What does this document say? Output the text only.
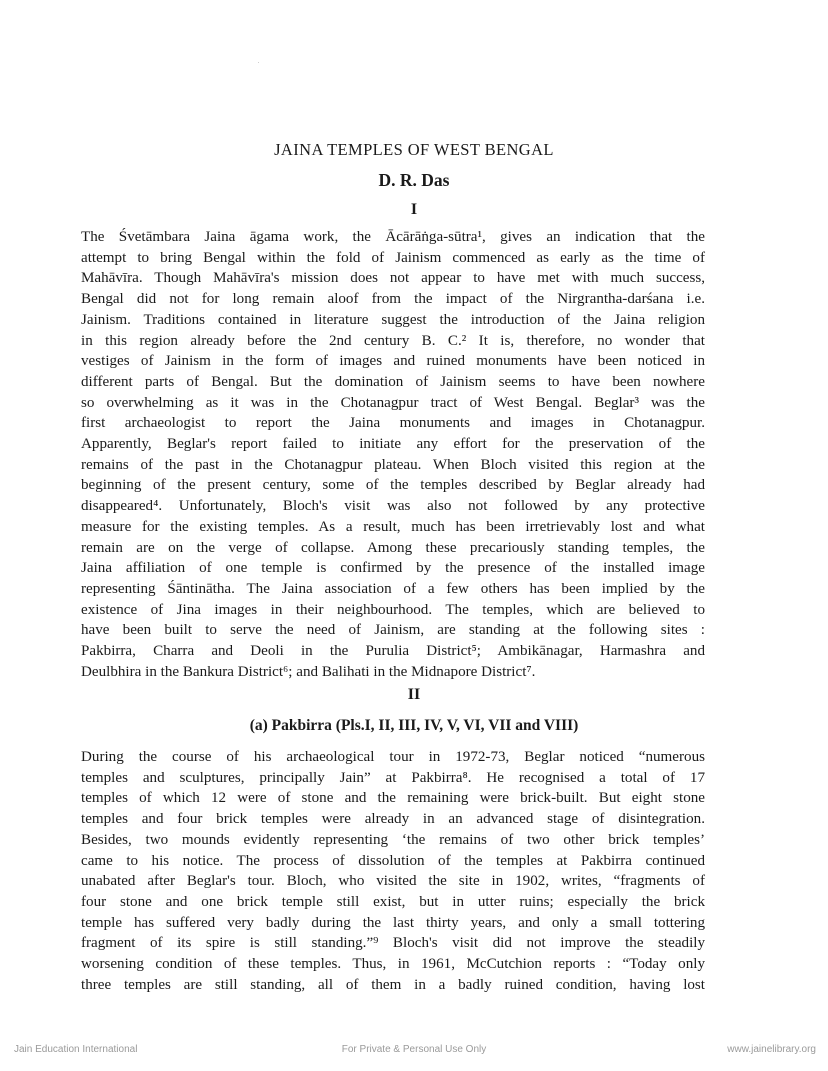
JAINA TEMPLES OF WEST BENGAL
D. R. Das
I
The Śvetāmbara Jaina āgama work, the Ācārāṅga-sūtra¹, gives an indication that the
attempt to bring Bengal within the fold of Jainism commenced as early as the time of
Mahāvīra. Though Mahāvīra's mission does not appear to have met with much success,
Bengal did not for long remain aloof from the impact of the Nirgrantha-darśana i.e.
Jainism. Traditions contained in literature suggest the introduction of the Jaina religion
in this region already before the 2nd century B. C.² It is, therefore, no wonder that
vestiges of Jainism in the form of images and ruined monuments have been noticed in
different parts of Bengal. But the domination of Jainism seems to have been nowhere
so overwhelming as it was in the Chotanagpur tract of West Bengal. Beglar³ was the
first archaeologist to report the Jaina monuments and images in Chotanagpur.
Apparently, Beglar's report failed to initiate any effort for the preservation of the
remains of the past in the Chotanagpur plateau. When Bloch visited this region at the
beginning of the present century, some of the temples described by Beglar already had
disappeared⁴. Unfortunately, Bloch's visit was also not followed by any protective
measure for the existing temples. As a result, much has been irretrievably lost and what
remain are on the verge of collapse. Among these precariously standing temples, the
Jaina affiliation of one temple is confirmed by the presence of the installed image
representing Śāntinātha. The Jaina association of a few others has been implied by the
existence of Jina images in their neighbourhood. The temples, which are believed to
have been built to serve the need of Jainism, are standing at the following sites :
Pakbirra, Charra and Deoli in the Purulia District⁵; Ambikānagar, Harmashra and
Deulbhira in the Bankura District⁶; and Balihati in the Midnapore District⁷.
II
(a) Pakbirra (Pls.I, II, III, IV, V, VI, VII and VIII)
During the course of his archaeological tour in 1972-73, Beglar noticed “numerous
temples and sculptures, principally Jain” at Pakbirra⁸. He recognised a total of 17
temples of which 12 were of stone and the remaining were brick-built. But eight stone
temples and four brick temples were already in an advanced stage of disintegration.
Besides, two mounds evidently representing ‘the remains of two other brick temples’
came to his notice. The process of dissolution of the temples at Pakbirra continued
unabated after Beglar's tour. Bloch, who visited the site in 1902, writes, “fragments of
four stone and one brick temple still exist, but in utter ruins; especially the brick
temple has suffered very badly during the last thirty years, and only a small tottering
fragment of its spire is still standing.”⁹ Bloch's visit did not improve the steadily
worsening condition of these temples. Thus, in 1961, McCutchion reports : “Today only
three temples are still standing, all of them in a badly ruined condition, having lost
Jain Education International	For Private & Personal Use Only	www.jainelibrary.org
